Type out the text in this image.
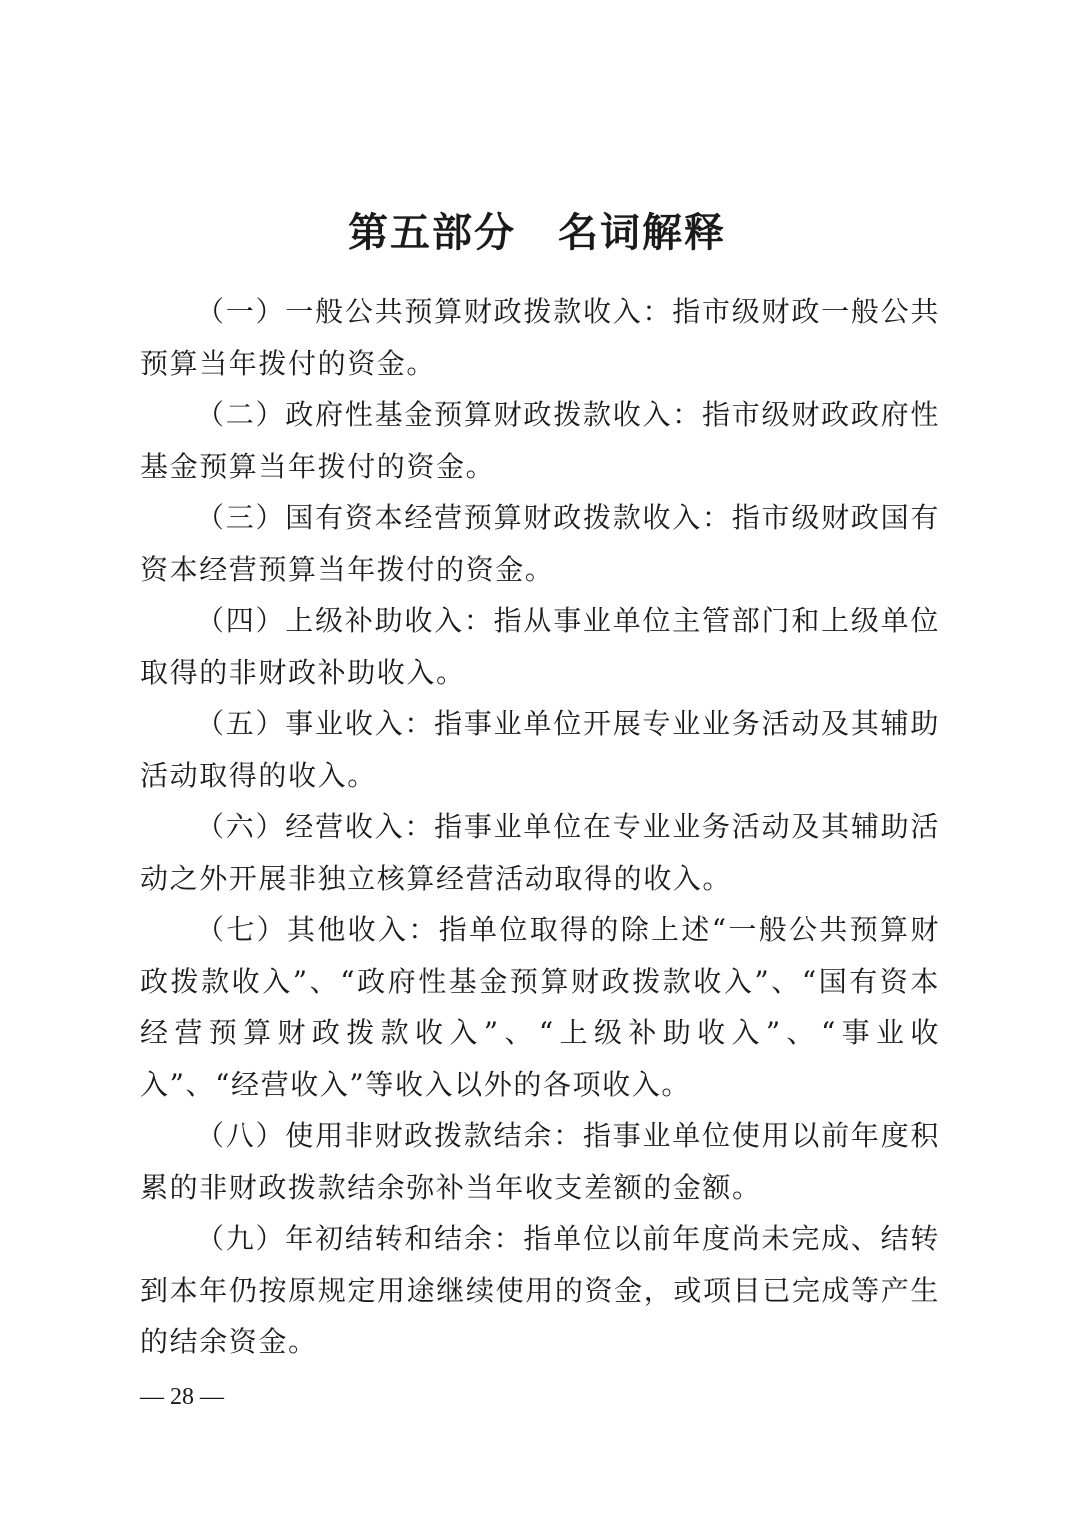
第五部分　名词解释

（一）一般公共预算财政拨款收入：指市级财政一般公共预算当年拨付的资金。

（二）政府性基金预算财政拨款收入：指市级财政政府性基金预算当年拨付的资金。

（三）国有资本经营预算财政拨款收入：指市级财政国有资本经营预算当年拨付的资金。

（四）上级补助收入：指从事业单位主管部门和上级单位取得的非财政补助收入。

（五）事业收入：指事业单位开展专业业务活动及其辅助活动取得的收入。

（六）经营收入：指事业单位在专业业务活动及其辅助活动之外开展非独立核算经营活动取得的收入。

（七）其他收入：指单位取得的除上述“一般公共预算财政拨款收入”、“政府性基金预算财政拨款收入”、“国有资本经营预算财政拨款收入”、“上级补助收入”、“事业收入”、“经营收入”等收入以外的各项收入。

（八）使用非财政拨款结余：指事业单位使用以前年度积累的非财政拨款结余弥补当年收支差额的金额。

（九）年初结转和结余：指单位以前年度尚未完成、结转到本年仍按原规定用途继续使用的资金，或项目已完成等产生的结余资金。

— 28 —
